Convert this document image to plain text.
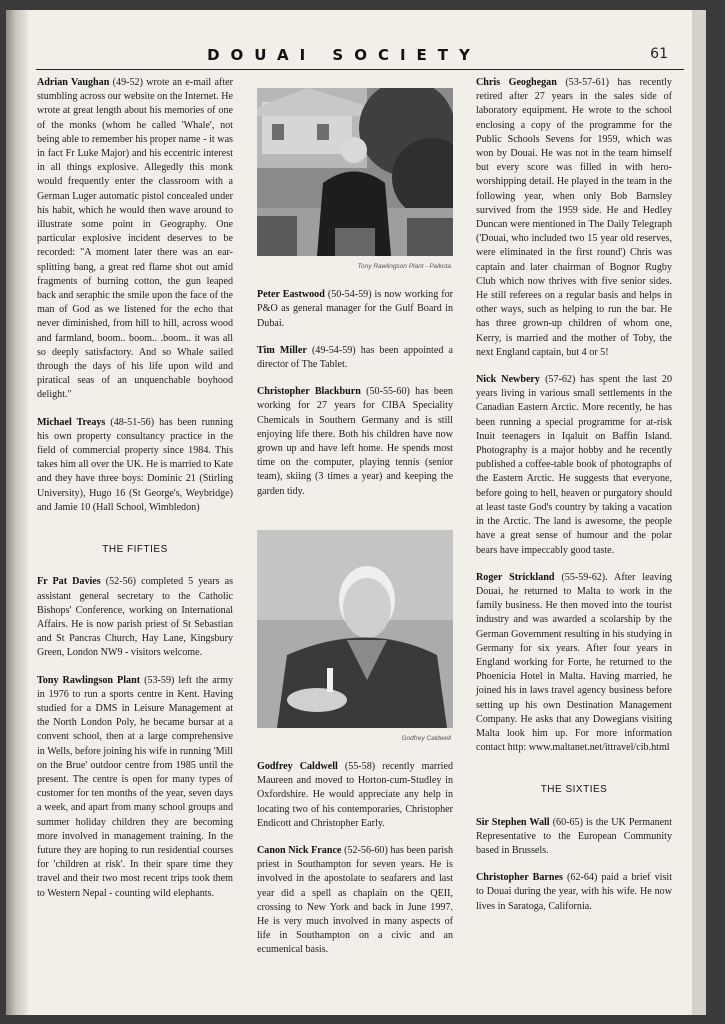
DOUAI SOCIETY	61

Adrian Vaughan (49-52) wrote an e-mail after stumbling across our website on the Internet. He wrote at great length about his memories of one of the monks (whom he called 'Whale', not being able to remember his proper name - it was in fact Fr Luke Major) and his eccentric interest in all things explosive. Allegedly this monk would frequently enter the classroom with a German Luger automatic pistol concealed under his habit, which he would then wave around to illustrate some point in Geography. One particular explosive incident deserves to be recorded: "A moment later there was an ear-splitting bang, a great red flame shot out amid fragments of burning cotton, the gun leaped back and seraphic the smile upon the face of the man of God as we listened for the echo that never diminished, from hill to hill, across wood and farmland, boom.. boom.. .boom.. it was all so deeply satisfactory. And so Whale sailed through the days of his life upon wild and piratical seas of an unquenchable boyhood delight."

Michael Treays (48-51-56) has been running his own property consultancy practice in the field of commercial property since 1984. This takes him all over the UK. He is married to Kate and they have three boys: Dominic 21 (Stirling University), Hugo 16 (St George's, Weybridge) and Jamie 10 (Hall School, Wimbledon)

THE FIFTIES

Fr Pat Davies (52-56) completed 5 years as assistant general secretary to the Catholic Bishops' Conference, working on International Affairs. He is now parish priest of St Sebastian and St Pancras Church, Hay Lane, Kingsbury Green, London NW9 - visitors welcome.

Tony Rawlingson Plant (53-59) left the army in 1976 to run a sports centre in Kent. Having studied for a DMS in Leisure Management at the North London Poly, he became bursar at a convent school, then at a large comprehensive in Wells, before joining his wife in running 'Mill on the Brue' outdoor centre from 1985 until the present. The centre is open for many types of customer for ten months of the year, seven days a week, and apart from many school groups and summer holiday children they are becoming more involved in management training. In the future they are hoping to run residential courses for 'children at risk'. In their spare time they travel and their two most recent trips took them to Western Nepal - counting wild elephants.

Tony Rawlingson Plant - Palkota

Peter Eastwood (50-54-59) is now working for P&O as general manager for the Gulf Board in Dubai.

Tim Miller (49-54-59) has been appointed a director of The Tablet.

Christopher Blackburn (50-55-60) has been working for 27 years for CIBA Speciality Chemicals in Southern Germany and is still enjoying life there. Both his children have now grown up and have left home. He spends most time on the computer, playing tennis (senior team), skiing (3 times a year) and keeping the garden tidy.

Godfrey Caldwell

Godfrey Caldwell (55-58) recently married Maureen and moved to Horton-cum-Studley in Oxfordshire. He would appreciate any help in locating two of his contemporaries, Christopher Endicott and Christopher Early.

Canon Nick France (52-56-60) has been parish priest in Southampton for seven years. He is involved in the apostolate to seafarers and last year did a spell as chaplain on the QEII, crossing to New York and back in June 1997. He is very much involved in many aspects of life in Southampton on a civic and an ecumenical basis.

Chris Geoghegan (53-57-61) has recently retired after 27 years in the sales side of laboratory equipment. He wrote to the school enclosing a copy of the programme for the Public Schools Sevens for 1959, which was won by Douai. He was not in the team himself but every score was filled in with hero-worshipping detail. He played in the team in the following year, when only Bob Barnsley survived from the 1959 side. He and Hedley Duncan were mentioned in The Daily Telegraph ('Douai, who included two 15 year old reserves, were eliminated in the first round') Chris was captain and later chairman of Bognor Rugby Club which now thrives with five senior sides. He still referees on a regular basis and helps in other ways, such as helping to run the bar. He has three grown-up children of whom one, Kerry, is married and the mother of Toby, the next England captain, but 4 or 5!

Nick Newbery (57-62) has spent the last 20 years living in various small settlements in the Canadian Eastern Arctic. More recently, he has been running a special programme for at-risk Inuit teenagers in Iqaluit on Baffin Island. Photography is a major hobby and he recently published a coffee-table book of photographs of the Eastern Arctic. He suggests that everyone, before going to hell, heaven or purgatory should at least taste God's country by taking a vacation in the Arctic. The land is awesome, the people have a great sense of humour and the polar bears have impeccably good taste.

Roger Strickland (55-59-62). After leaving Douai, he returned to Malta to work in the family business. He then moved into the tourist industry and was awarded a scolarship by the German Government resulting in his studying in Germany for six years. After four years in England working for Forte, he returned to the Phoenicia Hotel in Malta. Having married, he joined his in laws travel agency business before setting up his own Destination Management Company. He asks that any Dowegians visiting Malta look him up. For more information contact http: www.maltanet.net/ittravel/cib.html

THE SIXTIES

Sir Stephen Wall (60-65) is the UK Permanent Representative to the European Community based in Brussels.

Christopher Barnes (62-64) paid a brief visit to Douai during the year, with his wife. He now lives in Saratoga, California.
